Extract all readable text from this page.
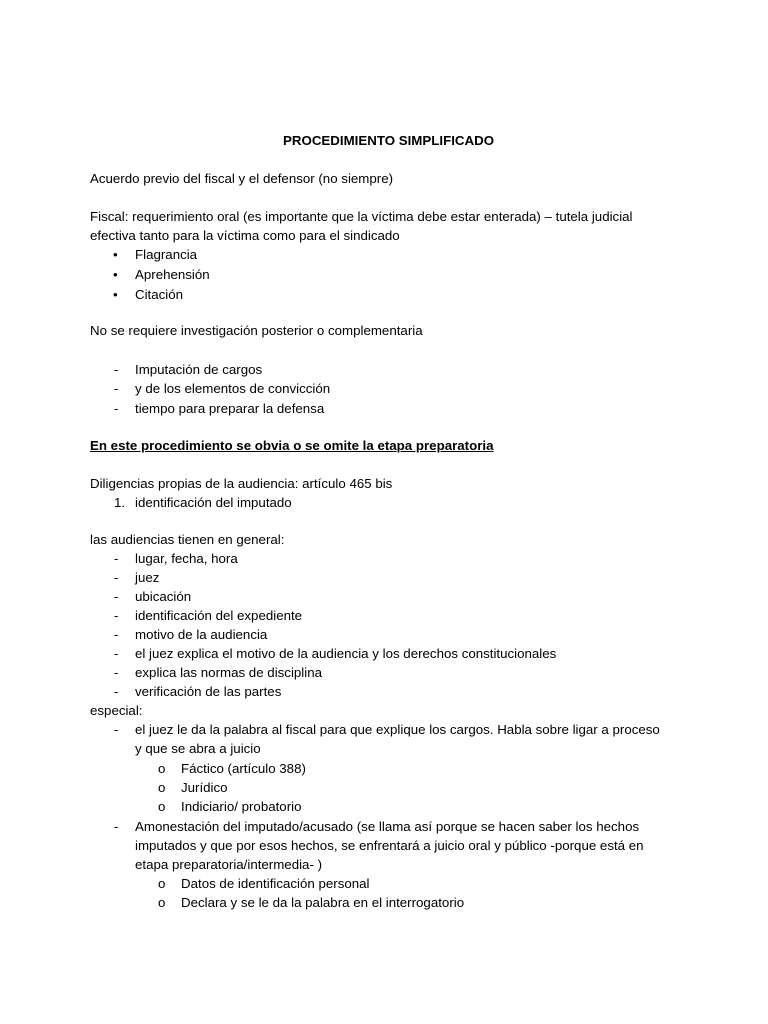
PROCEDIMIENTO SIMPLIFICADO
Acuerdo previo del fiscal y el defensor (no siempre)
Fiscal: requerimiento oral (es importante que la víctima debe estar enterada) – tutela judicial
efectiva tanto para la víctima como para el sindicado
• Flagrancia
• Aprehensión
• Citación
No se requiere investigación posterior o complementaria
- Imputación de cargos
- y de los elementos de convicción
- tiempo para preparar la defensa
En este procedimiento se obvia o se omite la etapa preparatoria
Diligencias propias de la audiencia: artículo 465 bis
1. identificación del imputado
las audiencias tienen en general:
- lugar, fecha, hora
- juez
- ubicación
- identificación del expediente
- motivo de la audiencia
- el juez explica el motivo de la audiencia y los derechos constitucionales
- explica las normas de disciplina
- verificación de las partes
especial:
- el juez le da la palabra al fiscal para que explique los cargos. Habla sobre ligar a proceso
y que se abra a juicio
o Fáctico (artículo 388)
o Jurídico
o Indiciario/ probatorio
- Amonestación del imputado/acusado (se llama así porque se hacen saber los hechos
imputados y que por esos hechos, se enfrentará a juicio oral y público -porque está en
etapa preparatoria/intermedia- )
o Datos de identificación personal
o Declara y se le da la palabra en el interrogatorio
